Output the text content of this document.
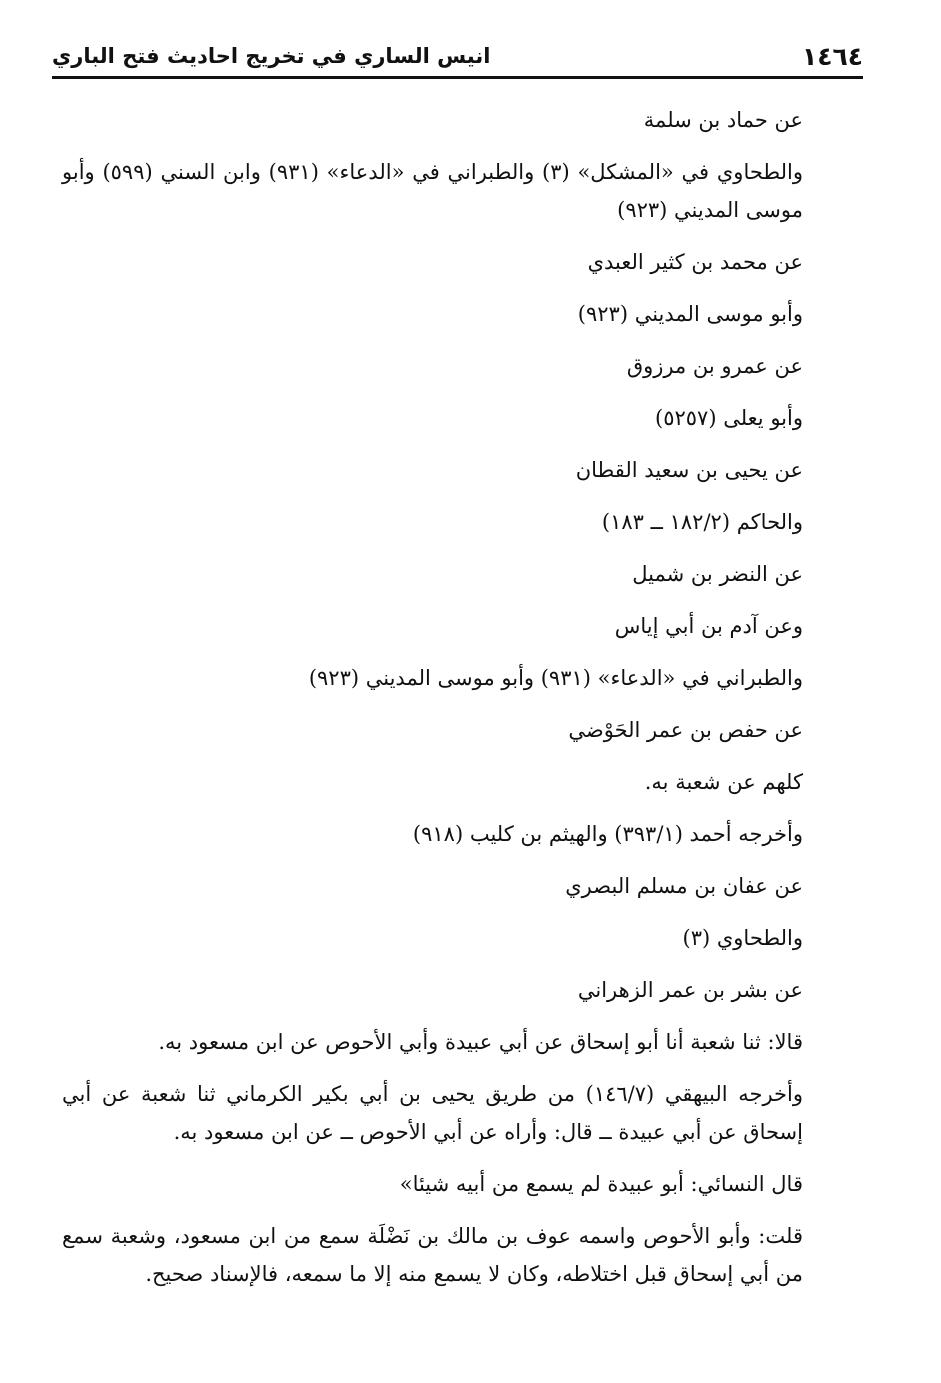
١٤٦٤
انيس الساري في تخريج احاديث فتح الباري

عن حماد بن سلمة

والطحاوي في «المشكل» (٣) والطبراني في «الدعاء» (٩٣١) وابن السني (٥٩٩) وأبو موسى المديني (٩٢٣)

عن محمد بن كثير العبدي

وأبو موسى المديني (٩٢٣)

عن عمرو بن مرزوق

وأبو يعلى (٥٢٥٧)

عن يحيى بن سعيد القطان

والحاكم (١٨٢/٢ ــ ١٨٣)

عن النضر بن شميل

وعن آدم بن أبي إياس

والطبراني في «الدعاء» (٩٣١) وأبو موسى المديني (٩٢٣)

عن حفص بن عمر الحَوْضي

كلهم عن شعبة به.

وأخرجه أحمد (٣٩٣/١) والهيثم بن كليب (٩١٨)

عن عفان بن مسلم البصري

والطحاوي (٣)

عن بشر بن عمر الزهراني

قالا: ثنا شعبة أنا أبو إسحاق عن أبي عبيدة وأبي الأحوص عن ابن مسعود به.

وأخرجه البيهقي (١٤٦/٧) من طريق يحيى بن أبي بكير الكرماني ثنا شعبة عن أبي إسحاق عن أبي عبيدة ــ قال: وأراه عن أبي الأحوص ــ عن ابن مسعود به.

قال النسائي: أبو عبيدة لم يسمع من أبيه شيئا»

قلت: وأبو الأحوص واسمه عوف بن مالك بن نَضْلَة سمع من ابن مسعود، وشعبة سمع من أبي إسحاق قبل اختلاطه، وكان لا يسمع منه إلا ما سمعه، فالإسناد صحيح.
